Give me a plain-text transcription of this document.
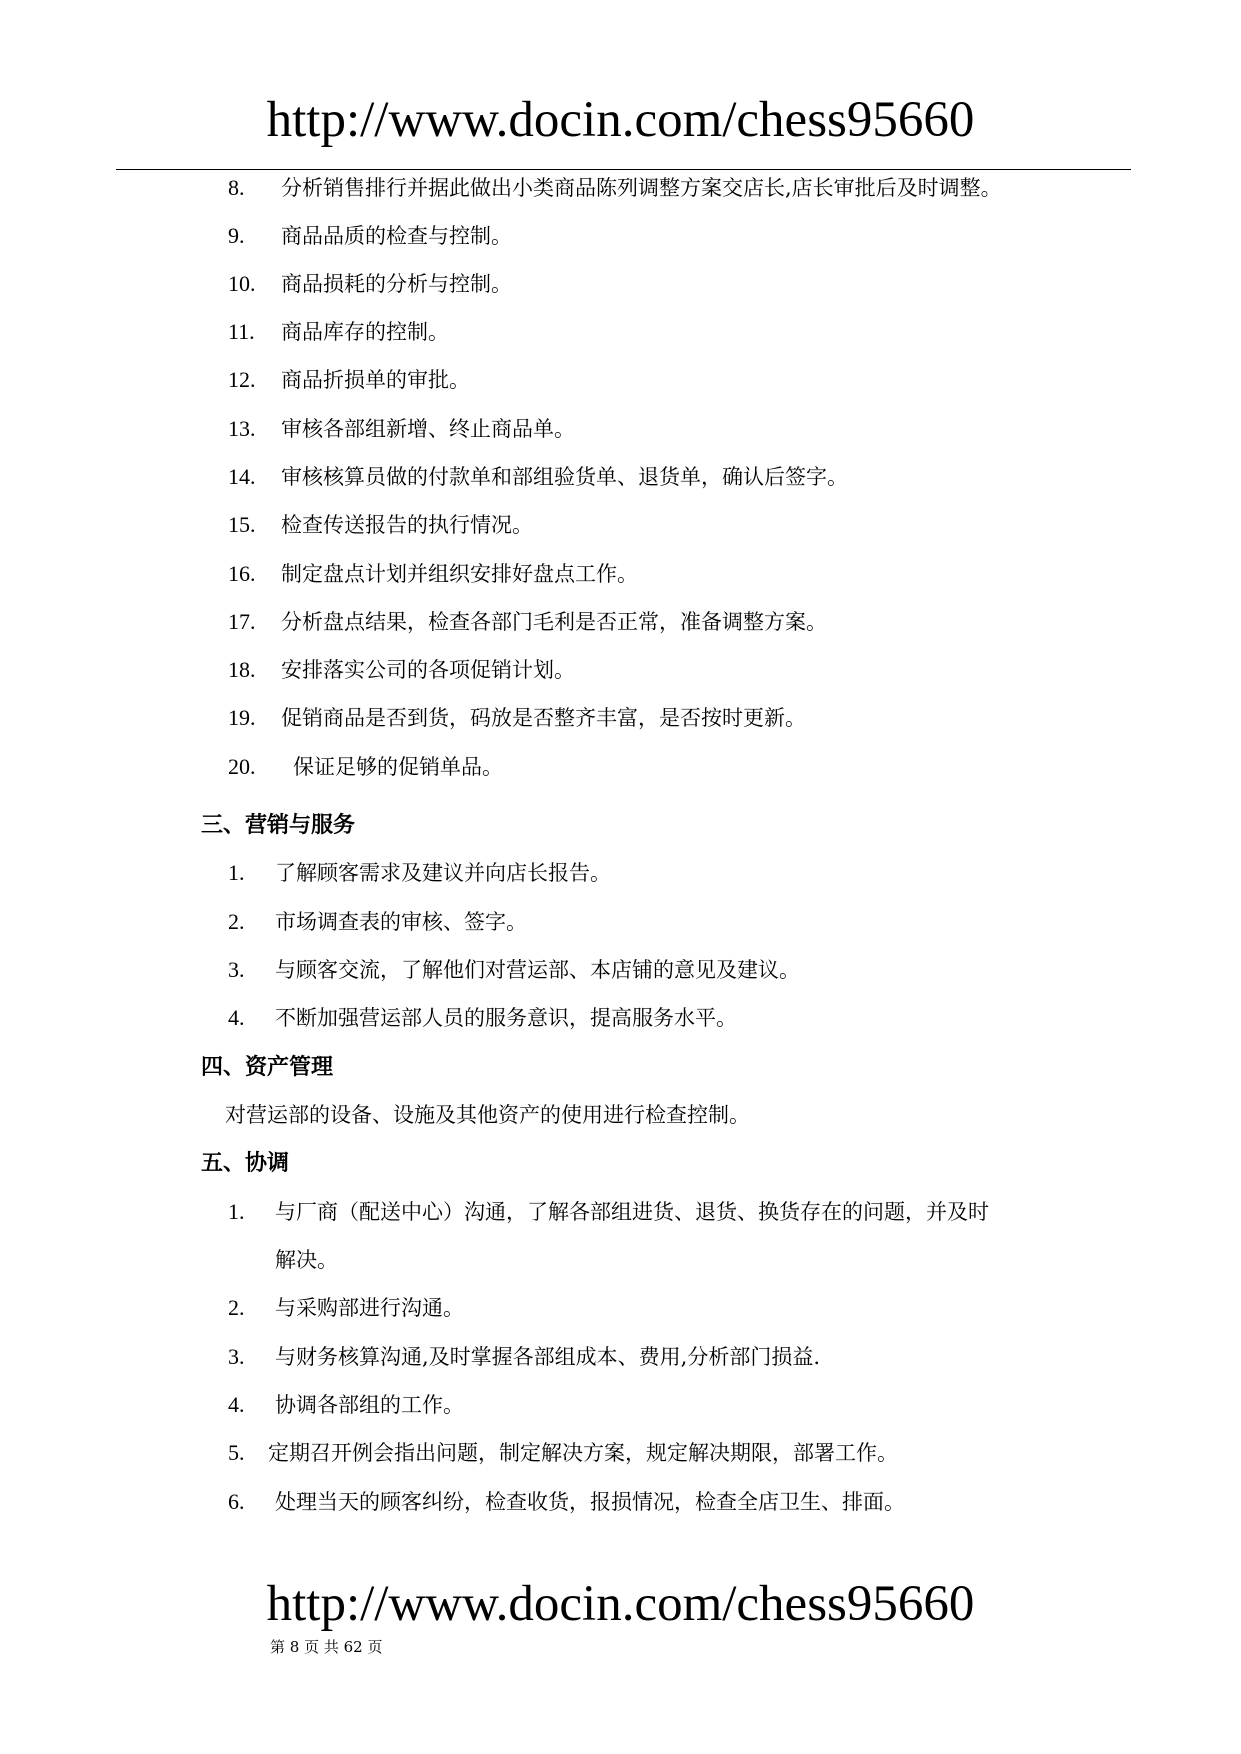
http://www.docin.com/chess95660
8. 分析销售排行并据此做出小类商品陈列调整方案交店长,店长审批后及时调整。
9. 商品品质的检查与控制。
10. 商品损耗的分析与控制。
11. 商品库存的控制。
12. 商品折损单的审批。
13. 审核各部组新增、终止商品单。
14. 审核核算员做的付款单和部组验货单、退货单，确认后签字。
15. 检查传送报告的执行情况。
16. 制定盘点计划并组织安排好盘点工作。
17. 分析盘点结果，检查各部门毛利是否正常，准备调整方案。
18. 安排落实公司的各项促销计划。
19. 促销商品是否到货，码放是否整齐丰富，是否按时更新。
20. 保证足够的促销单品。
三、营销与服务
1. 了解顾客需求及建议并向店长报告。
2. 市场调查表的审核、签字。
3. 与顾客交流，了解他们对营运部、本店铺的意见及建议。
4. 不断加强营运部人员的服务意识，提高服务水平。
四、资产管理
对营运部的设备、设施及其他资产的使用进行检查控制。
五、协调
1. 与厂商（配送中心）沟通，了解各部组进货、退货、换货存在的问题，并及时
解决。
2. 与采购部进行沟通。
3. 与财务核算沟通,及时掌握各部组成本、费用,分析部门损益.
4. 协调各部组的工作。
5. 定期召开例会指出问题，制定解决方案，规定解决期限，部署工作。
6. 处理当天的顾客纠纷，检查收货，报损情况，检查全店卫生、排面。
http://www.docin.com/chess95660
第 8 页 共 62 页
